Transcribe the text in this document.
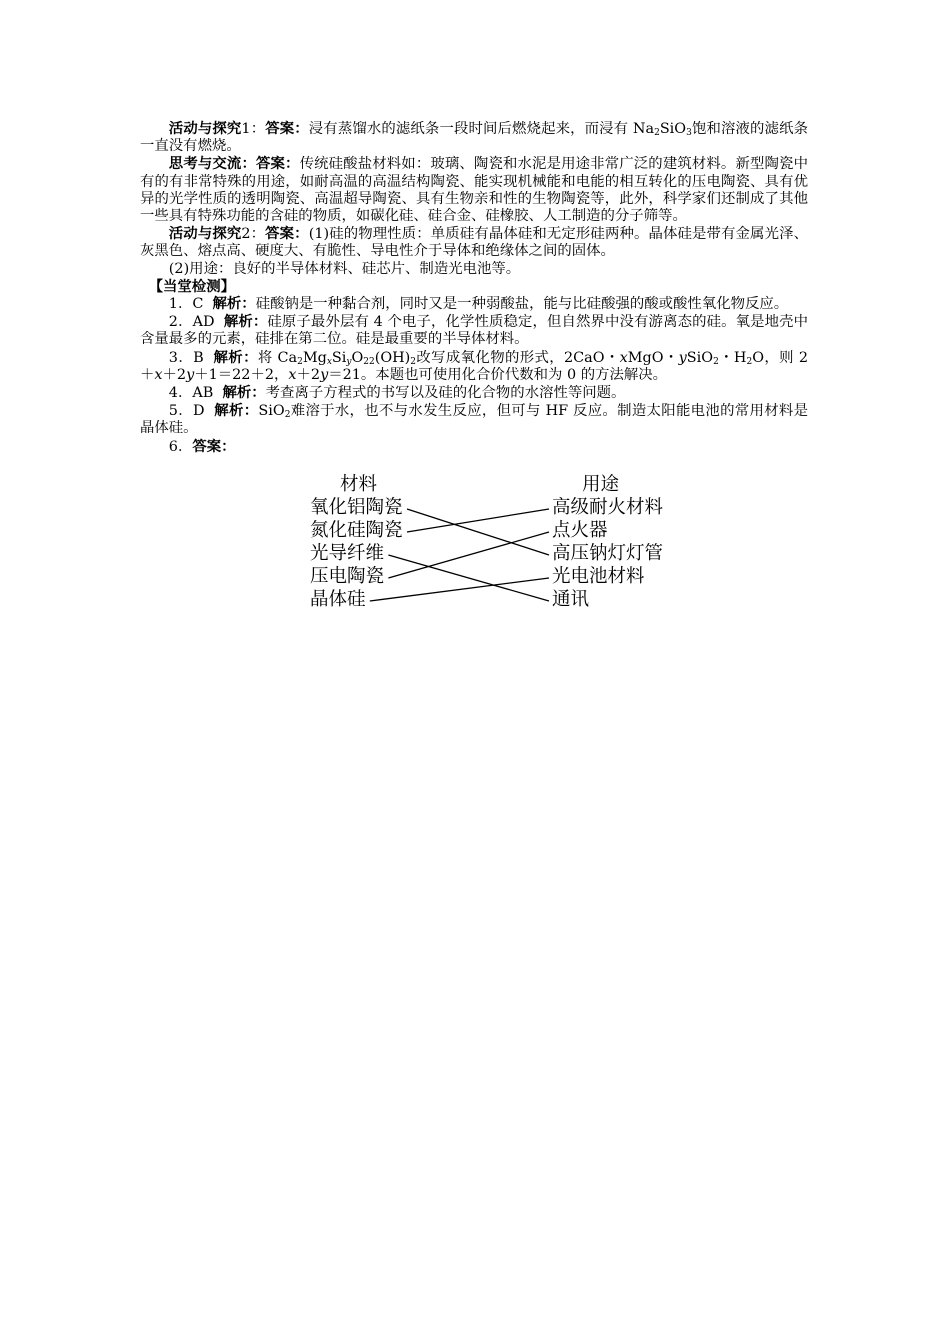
活动与探究1：答案：浸有蒸馏水的滤纸条一段时间后燃烧起来，而浸有 $Na_2SiO_3$饱和溶液的滤纸条一直没有燃烧。

思考与交流：答案：传统硅酸盐材料如：玻璃、陶瓷和水泥是用途非常广泛的建筑材料。新型陶瓷中有的有非常特殊的用途，如耐高温的高温结构陶瓷、能实现机械能和电能的相互转化的压电陶瓷、具有优异的光学性质的透明陶瓷、高温超导陶瓷、具有生物亲和性的生物陶瓷等，此外，科学家们还制成了其他一些具有特殊功能的含硅的物质，如碳化硅、硅合金、硅橡胶、人工制造的分子筛等。

活动与探究2：答案：(1)硅的物理性质：单质硅有晶体硅和无定形硅两种。晶体硅是带有金属光泽、灰黑色、熔点高、硬度大、有脆性、导电性介于导体和绝缘体之间的固体。

(2)用途：良好的半导体材料、硅芯片、制造光电池等。

【当堂检测】

1．C 解析：硅酸钠是一种黏合剂，同时又是一种弱酸盐，能与比硅酸强的酸或酸性氧化物反应。

2．AD 解析：硅原子最外层有 4 个电子，化学性质稳定，但自然界中没有游离态的硅。氧是地壳中含量最多的元素，硅排在第二位。硅是最重要的半导体材料。

3．B 解析：将 $Ca_2Mg_xSi_yO_{22}(OH)_2$改写成氧化物的形式，2CaO・xMgO・ySiO$_2$・$H_2O$，则 2＋x＋2y＋1＝22＋2，x＋2y＝21。本题也可使用化合价代数和为 0 的方法解决。

4．AB 解析：考查离子方程式的书写以及硅的化合物的水溶性等问题。

5．D 解析：SiO$_2$难溶于水，也不与水发生反应，但可与 HF 反应。制造太阳能电池的常用材料是晶体硅。

6．答案：

材料	用途
氧化铝陶瓷
氮化硅陶瓷
光导纤维
压电陶瓷
晶体硅
高级耐火材料
点火器
高压钠灯灯管
光电池材料
通讯
